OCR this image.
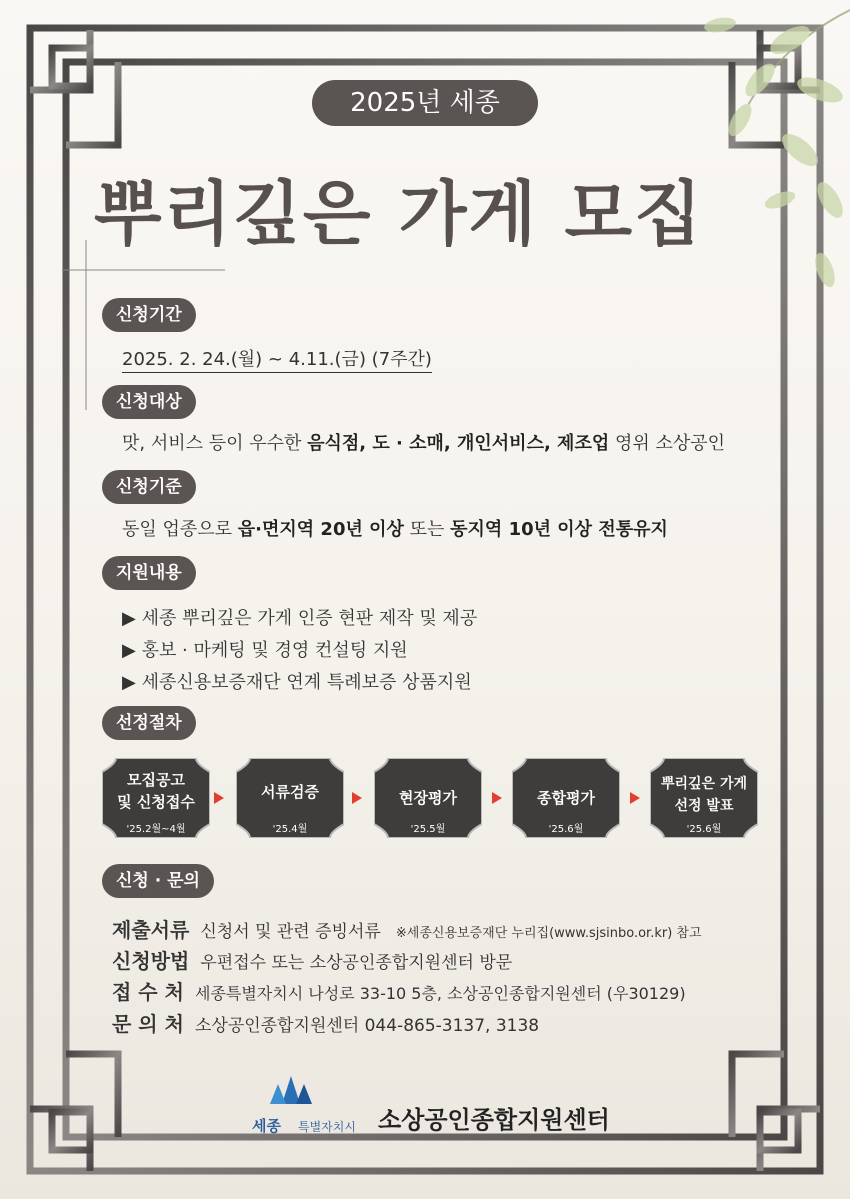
2025년 세종
뿌리깊은 가게 모집
신청기간
2025. 2. 24.(월) ~ 4.11.(금) (7주간)
신청대상
맛, 서비스 등이 우수한 음식점, 도 · 소매, 개인서비스, 제조업 영위 소상공인
신청기준
동일 업종으로 읍·면지역 20년 이상 또는 동지역 10년 이상 전통유지
지원내용
▶ 세종 뿌리깊은 가게 인증 현판 제작 및 제공
▶ 홍보 · 마케팅 및 경영 컨설팅 지원
▶ 세종신용보증재단 연계 특례보증 상품지원
선정절차
모집공고
및 신청접수
'25.2월~4월
서류검증
'25.4월
현장평가
'25.5월
종합평가
'25.6월
뿌리깊은 가게
선정 발표
'25.6월
신청 · 문의
제출서류 신청서 및 관련 증빙서류 ※세종신용보증재단 누리집(www.sjsinbo.or.kr) 참고
신청방법 우편접수 또는 소상공인종합지원센터 방문
접 수 처 세종특별자치시 나성로 33-10 5층, 소상공인종합지원센터 (우30129)
문 의 처 소상공인종합지원센터 044-865-3137, 3138
세종 특별자치시 소상공인종합지원센터
